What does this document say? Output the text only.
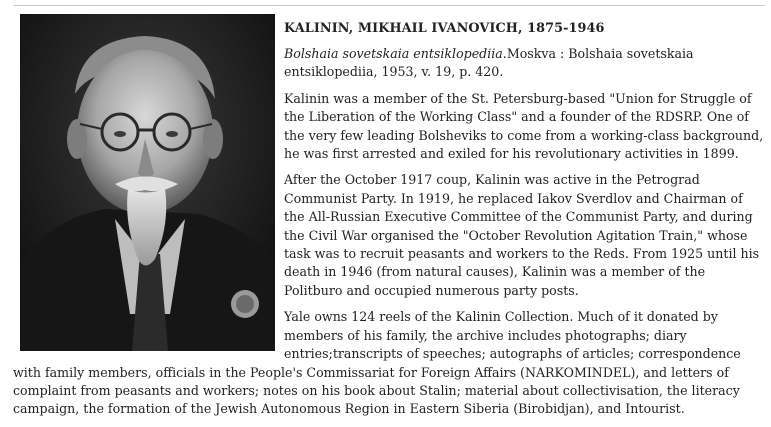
KALININ, MIKHAIL IVANOVICH, 1875-1946

Bolshaia sovetskaia entsiklopediia.Moskva : Bolshaia sovetskaia entsiklopediia, 1953, v. 19, p. 420.

Kalinin was a member of the St. Petersburg-based "Union for Struggle of the Liberation of the Working Class" and a founder of the RDSRP. One of the very few leading Bolsheviks to come from a working-class background, he was first arrested and exiled for his revolutionary activities in 1899.

After the October 1917 coup, Kalinin was active in the Petrograd Communist Party. In 1919, he replaced Iakov Sverdlov and Chairman of the All-Russian Executive Committee of the Communist Party, and during the Civil War organised the "October Revolution Agitation Train," whose task was to recruit peasants and workers to the Reds. From 1925 until his death in 1946 (from natural causes), Kalinin was a member of the Politburo and occupied numerous party posts.

Yale owns 124 reels of the Kalinin Collection. Much of it donated by members of his family, the archive includes photographs; diary entries;transcripts of speeches; autographs of articles; correspondence with family members, officials in the People's Commissariat for Foreign Affairs (NARKOMINDEL), and letters of complaint from peasants and workers; notes on his book about Stalin; material about collectivisation, the literacy campaign, the formation of the Jewish Autonomous Region in Eastern Siberia (Birobidjan), and Intourist.
